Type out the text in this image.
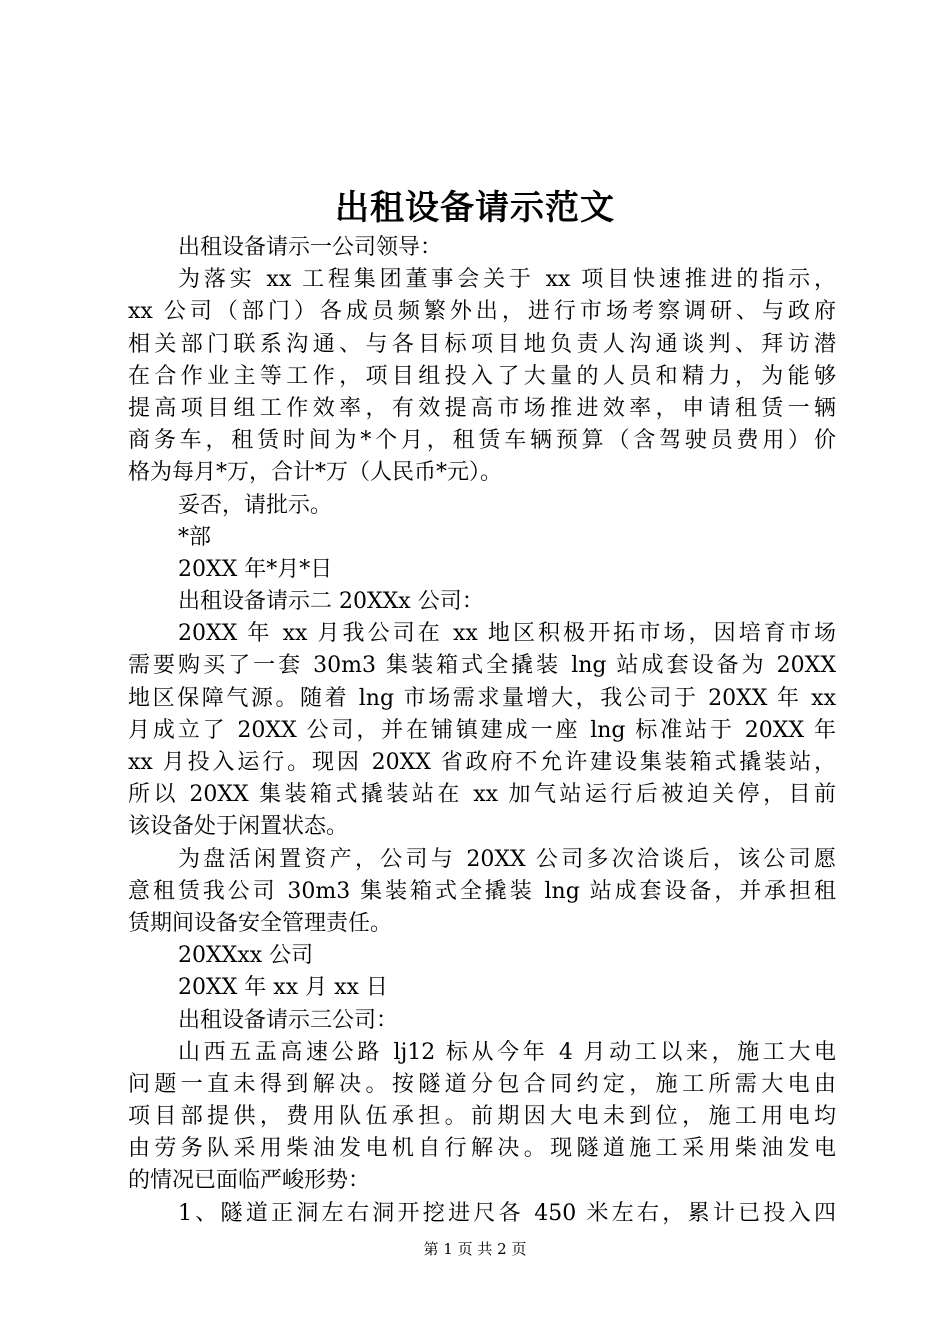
出租设备请示范文
出租设备请示一公司领导：
为落实 xx 工程集团董事会关于 xx 项目快速推进的指示，
xx 公司（部门）各成员频繁外出，进行市场考察调研、与政府
相关部门联系沟通、与各目标项目地负责人沟通谈判、拜访潜
在合作业主等工作，项目组投入了大量的人员和精力，为能够
提高项目组工作效率，有效提高市场推进效率，申请租赁一辆
商务车，租赁时间为*个月，租赁车辆预算（含驾驶员费用）价
格为每月*万，合计*万（人民币*元）。
妥否，请批示。
*部
20XX 年*月*日
出租设备请示二 20XXx 公司：
20XX 年 xx 月我公司在 xx 地区积极开拓市场，因培育市场
需要购买了一套 30m3 集装箱式全撬装 lng 站成套设备为 20XX
地区保障气源。随着 lng 市场需求量增大，我公司于 20XX 年 xx
月成立了 20XX 公司，并在铺镇建成一座 lng 标准站于 20XX 年
xx 月投入运行。现因 20XX 省政府不允许建设集装箱式撬装站，
所以 20XX 集装箱式撬装站在 xx 加气站运行后被迫关停，目前
该设备处于闲置状态。
为盘活闲置资产，公司与 20XX 公司多次洽谈后，该公司愿
意租赁我公司 30m3 集装箱式全撬装 lng 站成套设备，并承担租
赁期间设备安全管理责任。
20XXxx 公司
20XX 年 xx 月 xx 日
出租设备请示三公司：
山西五盂高速公路 lj12 标从今年 4 月动工以来，施工大电
问题一直未得到解决。按隧道分包合同约定，施工所需大电由
项目部提供，费用队伍承担。前期因大电未到位，施工用电均
由劳务队采用柴油发电机自行解决。现隧道施工采用柴油发电
的情况已面临严峻形势：
1、隧道正洞左右洞开挖进尺各 450 米左右，累计已投入四
第 1 页 共 2 页
